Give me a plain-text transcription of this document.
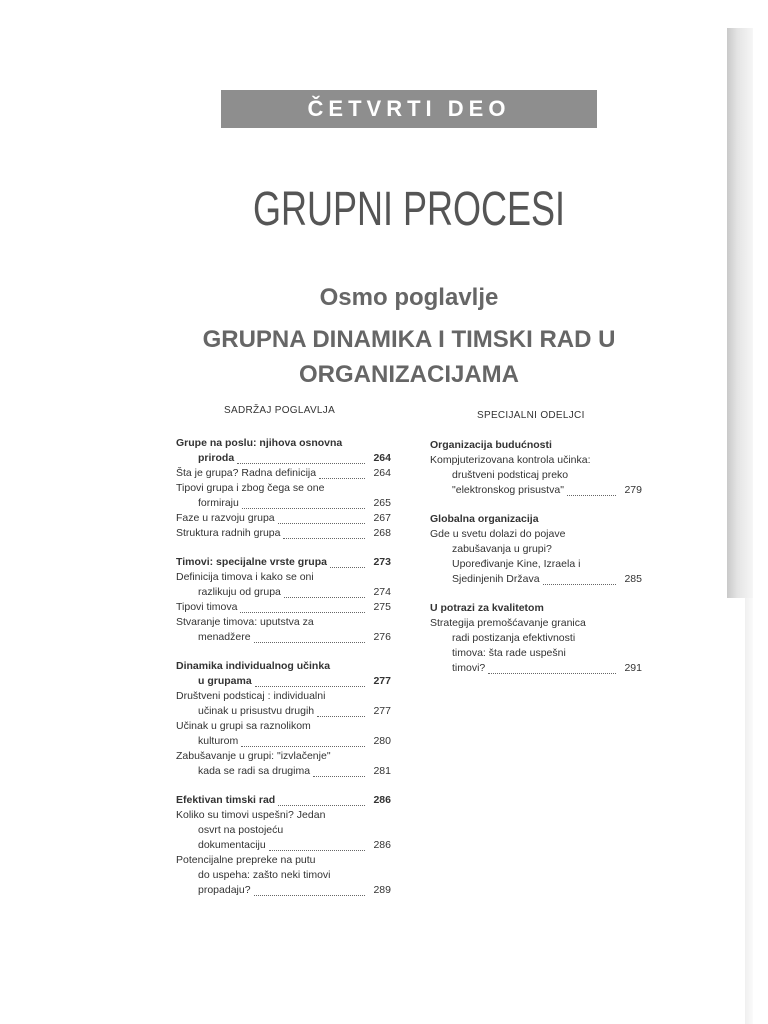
ČETVRTI DEO
GRUPNI PROCESI
Osmo poglavlje
GRUPNA DINAMIKA I TIMSKI RAD U ORGANIZACIJAMA
SADRŽAJ POGLAVLJA	SPECIJALNI ODELJCI
Grupe na poslu: njihova osnovna
priroda	264
Šta je grupa? Radna definicija	264
Tipovi grupa i zbog čega se one
formiraju	265
Faze u razvoju grupa	267
Struktura radnih grupa	268
Timovi: specijalne vrste grupa	273
Definicija timova i kako se oni
razlikuju od grupa	274
Tipovi timova	275
Stvaranje timova: uputstva za
menadžere	276
Dinamika individualnog učinka
u grupama	277
Društveni podsticaj : individualni
učinak u prisustvu drugih	277
Učinak u grupi sa raznolikom
kulturom	280
Zabušavanje u grupi: "izvlačenje"
kada se radi sa drugima	281
Efektivan timski rad	286
Koliko su timovi uspešni? Jedan
osvrt na postojeću
dokumentaciju	286
Potencijalne prepreke na putu
do uspeha: zašto neki timovi
propadaju?	289
Organizacija budućnosti
Kompjuterizovana kontrola učinka:
društveni podsticaj preko
"elektronskog prisustva"	279
Globalna organizacija
Gde u svetu dolazi do pojave
zabušavanja u grupi?
Upoređivanje Kine, Izraela i
Sjedinjenih Država	285
U potrazi za kvalitetom
Strategija premošćavanje granica
radi postizanja efektivnosti
timova: šta rade uspešni
timovi?	291
